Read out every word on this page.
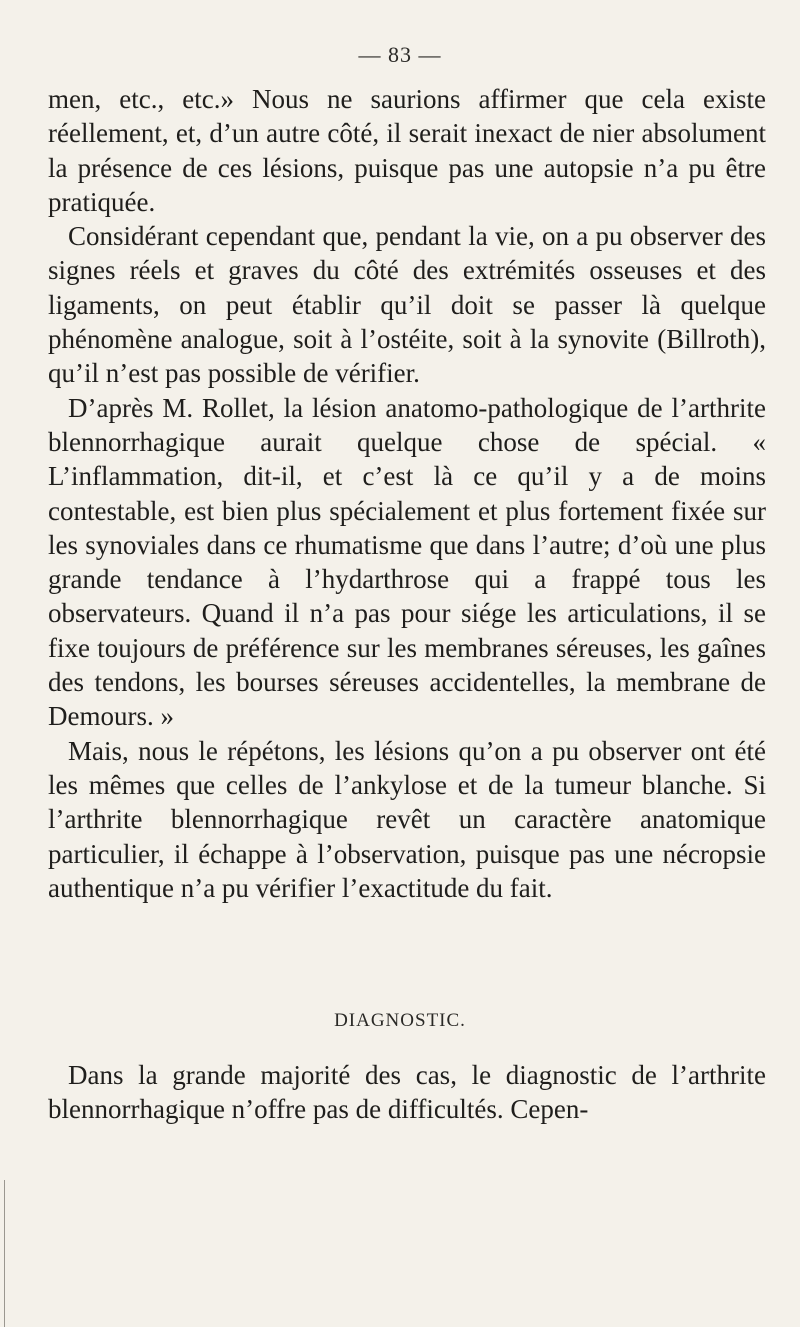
— 83 —

men, etc., etc.» Nous ne saurions affirmer que cela existe réellement, et, d’un autre côté, il serait inexact de nier absolument la présence de ces lésions, puisque pas une autopsie n’a pu être pratiquée.

Considérant cependant que, pendant la vie, on a pu observer des signes réels et graves du côté des extrémités osseuses et des ligaments, on peut établir qu’il doit se passer là quelque phénomène analogue, soit à l’ostéite, soit à la synovite (Billroth), qu’il n’est pas possible de vérifier.

D’après M. Rollet, la lésion anatomo-pathologique de l’arthrite blennorrhagique aurait quelque chose de spécial. « L’inflammation, dit-il, et c’est là ce qu’il y a de moins contestable, est bien plus spécialement et plus fortement fixée sur les synoviales dans ce rhumatisme que dans l’autre; d’où une plus grande tendance à l’hydarthrose qui a frappé tous les observateurs. Quand il n’a pas pour siége les articulations, il se fixe toujours de préférence sur les membranes séreuses, les gaînes des tendons, les bourses séreuses accidentelles, la membrane de Demours. »

Mais, nous le répétons, les lésions qu’on a pu observer ont été les mêmes que celles de l’ankylose et de la tumeur blanche. Si l’arthrite blennorrhagique revêt un caractère anatomique particulier, il échappe à l’observation, puisque pas une nécropsie authentique n’a pu vérifier l’exactitude du fait.

DIAGNOSTIC.

Dans la grande majorité des cas, le diagnostic de l’arthrite blennorrhagique n’offre pas de difficultés. Cepen-
